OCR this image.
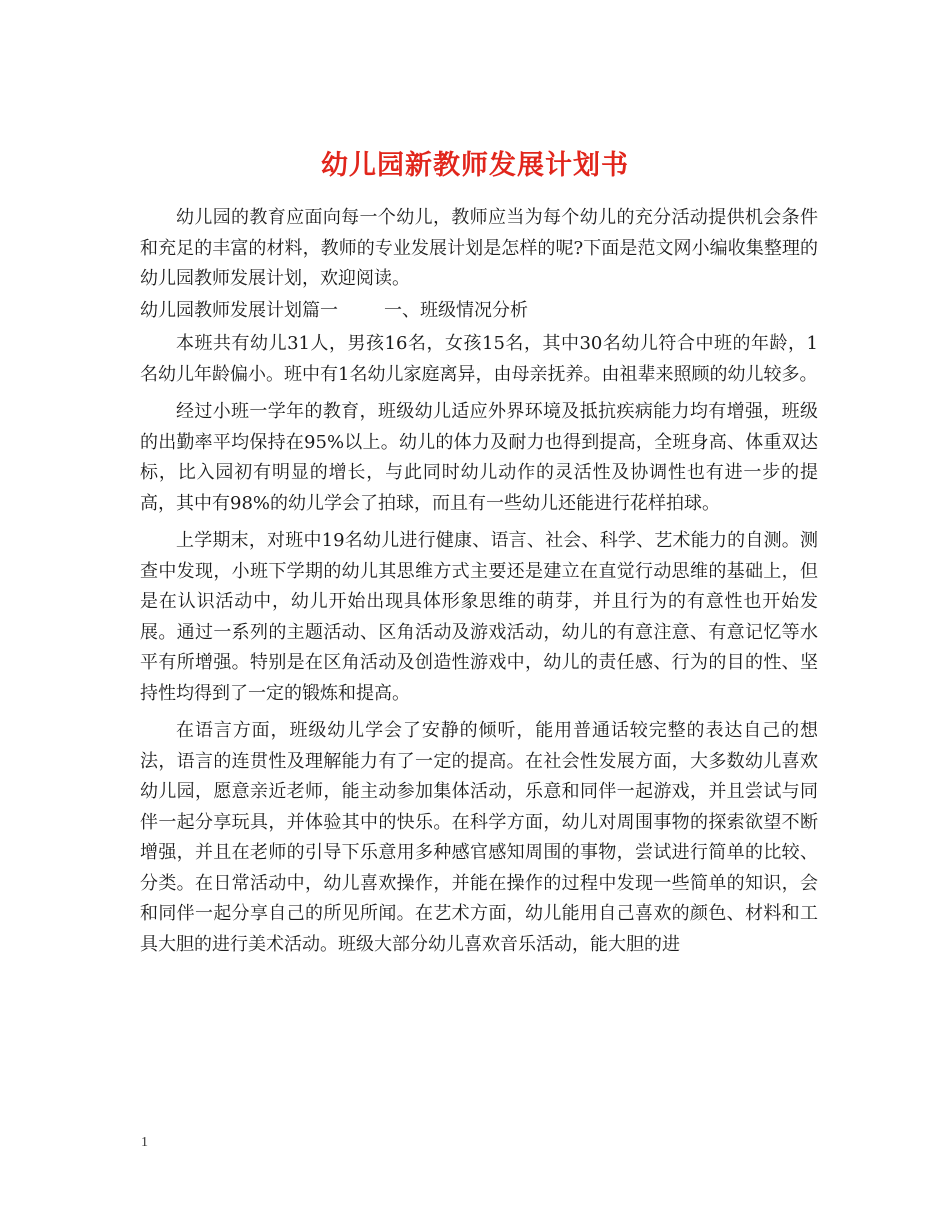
幼儿园新教师发展计划书

幼儿园的教育应面向每一个幼儿，教师应当为每个幼儿的充分活动提供机会条件和充足的丰富的材料，教师的专业发展计划是怎样的呢?下面是范文网小编收集整理的幼儿园教师发展计划，欢迎阅读。

幼儿园教师发展计划篇一	一、班级情况分析

本班共有幼儿31人，男孩16名，女孩15名，其中30名幼儿符合中班的年龄，1名幼儿年龄偏小。班中有1名幼儿家庭离异，由母亲抚养。由祖辈来照顾的幼儿较多。

经过小班一学年的教育，班级幼儿适应外界环境及抵抗疾病能力均有增强，班级的出勤率平均保持在95%以上。幼儿的体力及耐力也得到提高，全班身高、体重双达标，比入园初有明显的增长，与此同时幼儿动作的灵活性及协调性也有进一步的提高，其中有98%的幼儿学会了拍球，而且有一些幼儿还能进行花样拍球。

上学期末，对班中19名幼儿进行健康、语言、社会、科学、艺术能力的自测。测查中发现，小班下学期的幼儿其思维方式主要还是建立在直觉行动思维的基础上，但是在认识活动中，幼儿开始出现具体形象思维的萌芽，并且行为的有意性也开始发展。通过一系列的主题活动、区角活动及游戏活动，幼儿的有意注意、有意记忆等水平有所增强。特别是在区角活动及创造性游戏中，幼儿的责任感、行为的目的性、坚持性均得到了一定的锻炼和提高。

在语言方面，班级幼儿学会了安静的倾听，能用普通话较完整的表达自己的想法，语言的连贯性及理解能力有了一定的提高。在社会性发展方面，大多数幼儿喜欢幼儿园，愿意亲近老师，能主动参加集体活动，乐意和同伴一起游戏，并且尝试与同伴一起分享玩具，并体验其中的快乐。在科学方面，幼儿对周围事物的探索欲望不断增强，并且在老师的引导下乐意用多种感官感知周围的事物，尝试进行简单的比较、分类。在日常活动中，幼儿喜欢操作，并能在操作的过程中发现一些简单的知识，会和同伴一起分享自己的所见所闻。在艺术方面，幼儿能用自己喜欢的颜色、材料和工具大胆的进行美术活动。班级大部分幼儿喜欢音乐活动，能大胆的进

1
